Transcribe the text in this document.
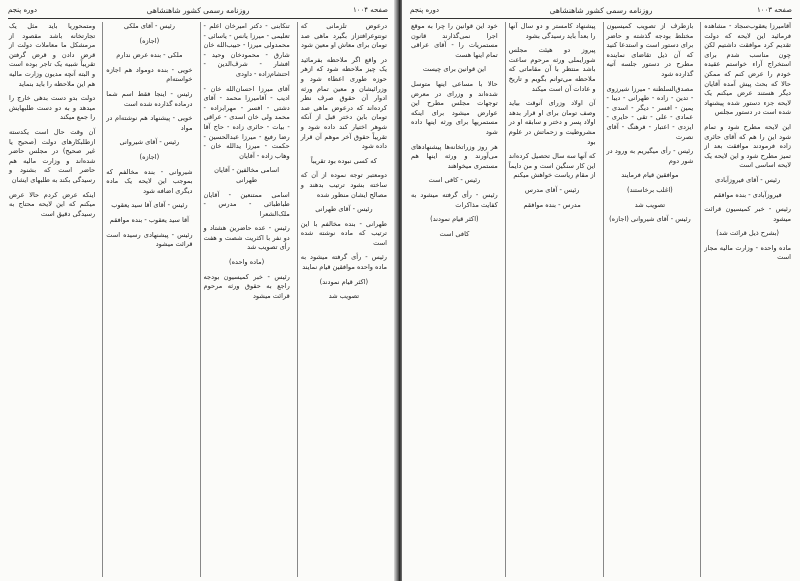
صفحه ۱۰۰۴
روزنامه رسمی کشور شاهنشاهی
دوره پنجم

درعوض تلزمانی که تونتوعرافتزاز بگیرد ماهی صد تومان برای معاش او معین شود

در واقع اگر ملاحظه بفرمائید یک چیز ملاحظه شود که ازهر حوزه طوری اعطاء شود و وزرائیشان و معین تمام ورثه ادوار آن حقوق صرف نظر کرده‌اند که درعوض ماهی صد تومان باین دختر قبل از آنکه شوهر اختیار کند داده شود و تقریباً حقوق آخر موهم آن قرار داده شود

که کسی نبوده بود تقریباً

دومعتبر توجه نموده از آن که ساخته بشود ترتیب بدهند و مصالح ایشان منظور شده

رئیس - آقای طهرانی

طهرانی - بنده مخالفم با این ترتیب که ماده نوشته شده است

رئیس - رأی گرفته میشود به ماده واحده موافقین قیام نمایند

(اکثر قیام نمودند)

تصویب شد

تنکابنی - دکتر امیرخان اعلم - تعلیمی - میرزا یانس - یاسائی - محمدولی میرزا - حبیب‌الله خان شارق - محمودخان وحید - افشار - شرف‌الدین - احتشام‌زاده - داودی

آقای میرزا احسان‌الله خان - ادیب - آقامیرزا محمد - آقای دشتی - افسر - مهرابزاده - محمد ولی خان اسدی - عراقی - بیات - حائری زاده - حاج آقا رضا رفیع - میرزا عبدالحسین - حکمت - میرزا یدالله خان - وهاب زاده - آقایان

اسامی مخالفین - آقایان طهرانی

اسامی ممتنعین - آقایان طباطبائی - مدرس - ملک‌الشعرا

رئیس - عده حاضرین هشتاد و دو نفر با اکثریت شصت و هفت رأی تصویب شد

(ماده واحده)

رئیس - خبر کمیسیون بودجه راجع به حقوق ورثه مرحوم قرائت میشود

رئیس - آقای ملکی

(اجازه)

ملکی - بنده عرض ندارم

خویی - بنده دومواد هم اجازه خواسته‌ام

رئیس - اینجا فقط اسم شما درماده گذارده شده است

خویی - پیشنهاد هم نوشته‌ام در مواد

رئیس - آقای شیروانی

(اجازه)

شیروانی - بنده مخالفم که بموجب این لایحه یک ماده دیگری اضافه شود

رئیس - آقای آقا سید یعقوب

آقا سید یعقوب - بنده موافقم

رئیس - پیشنهادی رسیده است قرائت میشود

ومتمحوریا باید مثل یک تجارتخانه باشد مقصود از مرمشکل ما معاملات دولت از قرض دادن و قرض گرفتن تقریباً شبیه یک تاجر بوده است و البته آنچه مدیون وزارت مالیه هم این ملاحظه را باید بنماید

دولت بدو دست بدهی خارج را میدهد و به دو دست طلبهایش را جمع میکند

آن وقت حال است یکدسته ازطلبکارهای دولت (صحیح یا غیر صحیح) در مجلس حاضر شده‌اند و وزارت مالیه هم حاضر است که بشنود و رسیدگی بکند به طلبهای ایشان

اینکه عرض کردم حالا عرض میکنم که این لایحه محتاج به رسیدگی دقیق است

صفحه ۱۰۰۳
روزنامه رسمی کشور شاهنشاهی
دوره پنجم

آقامیرزا یعقوب‌سجاد - مشاهده فرمائید این لایحه که دولت تقدیم کرد موافقت داشتیم لکن چون مناسب شدم برای استخراج آراء خواستم عقیده خودم را عرض کنم که ممکن حالا که بحث پیش آمده آقایان دیگر هستند عرض میکنم یک لایحه جزء دستور شده پیشنهاد شده است در دستور مجلس

این لایحه مطرح شود و تمام شود این را هم که آقای حائری زاده فرمودند موافقت بعد از تمیز مطرح شود و این لایحه یک لایحه اساسی است

رئیس - آقای فیروزآبادی

فیروزآبادی - بنده موافقم

رئیس - خبر کمیسیون قرائت میشود

(بشرح ذیل قرائت شد)

ماده واحده - وزارت مالیه مجاز است

بازطرف از تصویب کمیسیون مختلط بودجه گذشته و حاضر برای دستور است و استدعا کنید که آن ذیل تقاضای نماینده مطرح در دستور جلسه آتیه گذارده شود

مصدق‌السلطنه - میرزا شیرزوی - تدین - زاده - طهرانی - دیبا - یمین - افسر - دیگر - اسدی - عمادی - علی - تقی - حایری - ایزدی - اعتبار - فرهنگ - آقای نصرت

رئیس - رأی میگیریم به ورود در شور دوم

موافقین قیام فرمایند

(اغلب برخاستند)

تصویب شد

رئیس - آقای شیروانی (اجازه)

پیشنهاد کامستر و دو سال آنها را بعداً باید رسیدگی بشود

پیروز دو هیئت مجلس شورایملی ورثه مرحوم ساعت باشد منتظر با آن مقاماتی که ملاحظه می‌توانم بگویم و تاریخ و عادات آن است میکند

آن اولاد وزرای آنوقت بیاید وصف تومان برای او قرار بدهد اولاد پسر و دختر و سابقه او در مشروطیت و زحماتش در علوم بود

که آنها سه سال تحصیل کرده‌اند این کار سنگین است و من دایماً از مقام ریاست خواهش میکنم

رئیس - آقای مدرس

مدرس - بنده موافقم

خود این قوانین را چرا به موقع اجرا نمی‌گذارند قانون مستمریات را - آقای عراقی تمام اینها هست

این قوانین برای چیست

حالا با مساعی اینها متوسل شده‌اند و وزرای در معرض توجهات مجلس مطرح این عوارض میشود برای اینکه مستمریها برای ورثه اینها داده شود

هر روز وزراتخانه‌ها پیشنهادهای می‌آورند و ورثه اینها هم مستمری میخواهند

رئیس - کافی است

رئیس - رأی گرفته میشود به کفایت مذاکرات

(اکثر قیام نمودند)

کافی است
